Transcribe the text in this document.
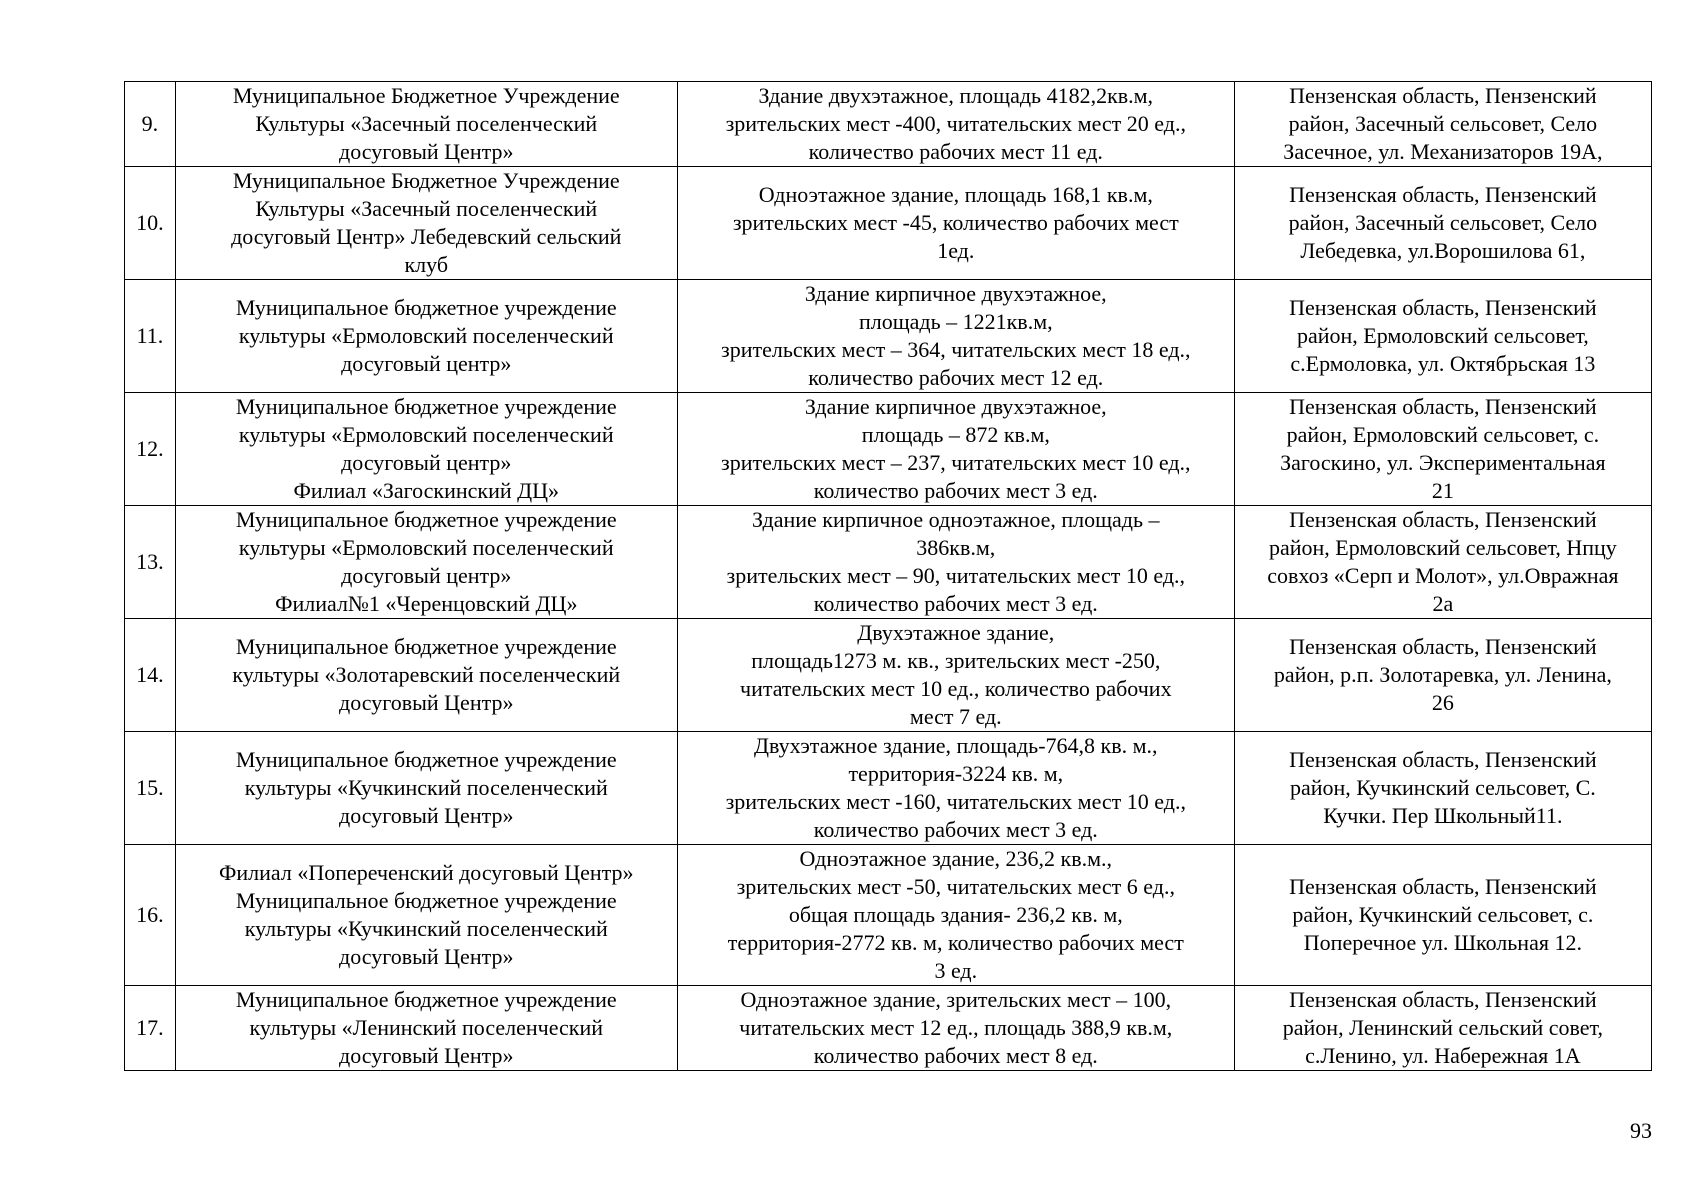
9.	Муниципальное Бюджетное Учреждение
Культуры «Засечный поселенческий
досуговый Центр»	Здание двухэтажное, площадь 4182,2кв.м,
зрительских мест -400, читательских мест 20 ед.,
количество рабочих мест 11 ед.	Пензенская область, Пензенский
район, Засечный сельсовет, Село
Засечное, ул. Механизаторов 19А,
10.	Муниципальное Бюджетное Учреждение
Культуры «Засечный поселенческий
досуговый Центр» Лебедевский сельский
клуб	Одноэтажное здание, площадь 168,1 кв.м,
зрительских мест -45, количество рабочих мест
1ед.	Пензенская область, Пензенский
район, Засечный сельсовет, Село
Лебедевка, ул.Ворошилова 61,
11.	Муниципальное бюджетное учреждение
культуры «Ермоловский поселенческий
досуговый центр»	Здание кирпичное двухэтажное,
площадь – 1221кв.м,
зрительских мест – 364, читательских мест 18 ед.,
количество рабочих мест 12 ед.	Пензенская область, Пензенский
район, Ермоловский сельсовет,
с.Ермоловка, ул. Октябрьская 13
12.	Муниципальное бюджетное учреждение
культуры «Ермоловский поселенческий
досуговый центр»
Филиал «Загоскинский ДЦ»	Здание кирпичное двухэтажное,
площадь – 872 кв.м,
зрительских мест – 237, читательских мест 10 ед.,
количество рабочих мест 3 ед.	Пензенская область, Пензенский
район, Ермоловский сельсовет, с.
Загоскино, ул. Экспериментальная
21
13.	Муниципальное бюджетное учреждение
культуры «Ермоловский поселенческий
досуговый центр»
Филиал№1 «Черенцовский ДЦ»	Здание кирпичное одноэтажное, площадь –
386кв.м,
зрительских мест – 90, читательских мест 10 ед.,
количество рабочих мест 3 ед.	Пензенская область, Пензенский
район, Ермоловский сельсовет, Нпцу
совхоз «Серп и Молот», ул.Овражная
2а
14.	Муниципальное бюджетное учреждение
культуры «Золотаревский поселенческий
досуговый Центр»	Двухэтажное здание,
площадь1273 м. кв., зрительских мест -250,
читательских мест 10 ед., количество рабочих
мест 7 ед.	Пензенская область, Пензенский
район, р.п. Золотаревка, ул. Ленина,
26
15.	Муниципальное бюджетное учреждение
культуры «Кучкинский поселенческий
досуговый Центр»	Двухэтажное здание, площадь-764,8 кв. м.,
территория-3224 кв. м,
зрительских мест -160, читательских мест 10 ед.,
количество рабочих мест 3 ед.	Пензенская область, Пензенский
район, Кучкинский сельсовет, С.
Кучки. Пер Школьный11.
16.	Филиал «Попереченский досуговый Центр»
Муниципальное бюджетное учреждение
культуры «Кучкинский поселенческий
досуговый Центр»	Одноэтажное здание, 236,2 кв.м.,
зрительских мест -50, читательских мест 6 ед.,
общая площадь здания- 236,2 кв. м,
территория-2772 кв. м, количество рабочих мест
3 ед.	Пензенская область, Пензенский
район, Кучкинский сельсовет, с.
Поперечное ул. Школьная 12.
17.	Муниципальное бюджетное учреждение
культуры «Ленинский поселенческий
досуговый Центр»	Одноэтажное здание, зрительских мест – 100,
читательских мест 12 ед., площадь 388,9 кв.м,
количество рабочих мест 8 ед.	Пензенская область, Пензенский
район, Ленинский сельский совет,
с.Ленино, ул. Набережная 1А
93
